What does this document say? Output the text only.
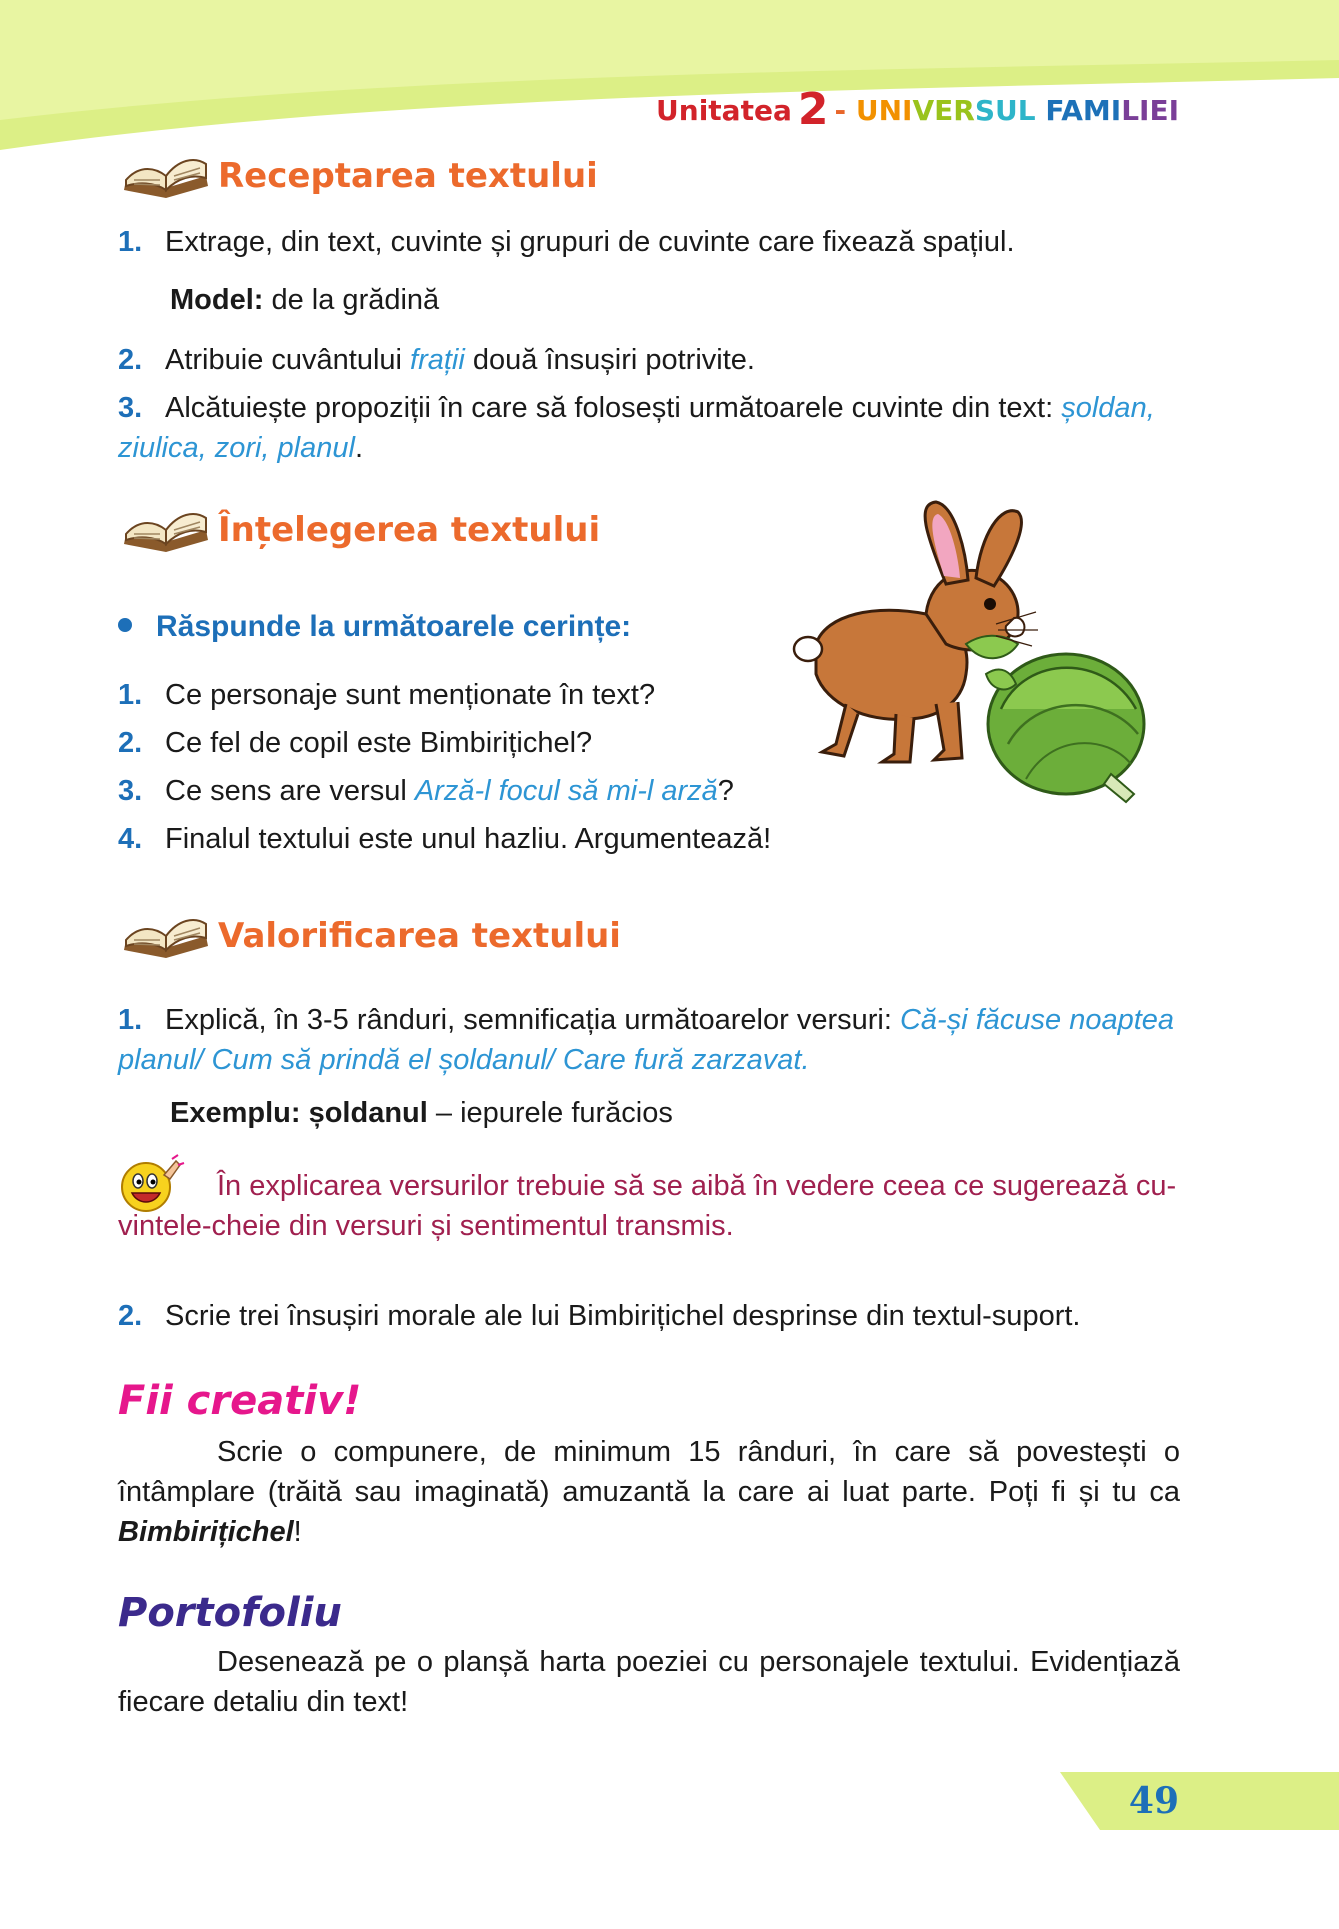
Unitatea 2 - UNIVERSUL FAMILIEI
Receptarea textului
1. Extrage, din text, cuvinte și grupuri de cuvinte care fixează spațiul.
Model: de la grădină
2. Atribuie cuvântului frații două însușiri potrivite.
3. Alcătuiește propoziții în care să folosești următoarele cuvinte din text: șoldan, ziulica, zori, planul.
Înțelegerea textului
Răspunde la următoarele cerințe:
1. Ce personaje sunt menționate în text?
2. Ce fel de copil este Bimbirițichel?
3. Ce sens are versul Arză-l focul să mi-l arză?
4. Finalul textului este unul hazliu. Argumentează!
Valorificarea textului
1. Explică, în 3-5 rânduri, semnificația următoarelor versuri: Că-și făcuse noaptea planul/ Cum să prindă el șoldanul/ Care fură zarzavat.
Exemplu: șoldanul – iepurele furăcios
În explicarea versurilor trebuie să se aibă în vedere ceea ce sugerează cu-vintele-cheie din versuri și sentimentul transmis.
2. Scrie trei însușiri morale ale lui Bimbirițichel desprinse din textul-suport.
Fii creativ!
Scrie o compunere, de minimum 15 rânduri, în care să povestești o întâmplare (trăită sau imaginată) amuzantă la care ai luat parte. Poți fi și tu ca Bimbirițichel!
Portofoliu
Desenează pe o planșă harta poeziei cu personajele textului. Evidențiază fiecare detaliu din text!
49
